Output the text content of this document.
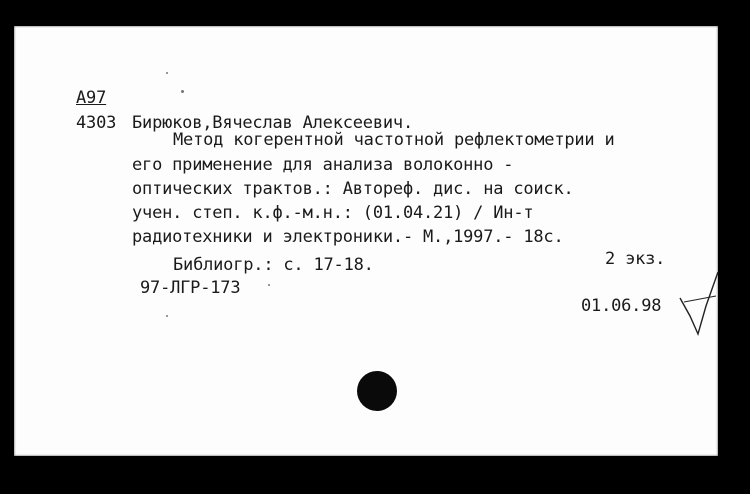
А97
4303 Бирюков,Вячеслав Алексеевич.
Метод когерентной частотной рефлектометрии и
его применение для анализа волоконно -
оптических трактов.: Автореф. дис. на соиск.
учен. степ. к.ф.-м.н.: (01.04.21) / Ин-т
радиотехники и электроники.- М.,1997.- 18с.
Библиогр.: с. 17-18.	2 экз.
97-ЛГР-173
01.06.98
